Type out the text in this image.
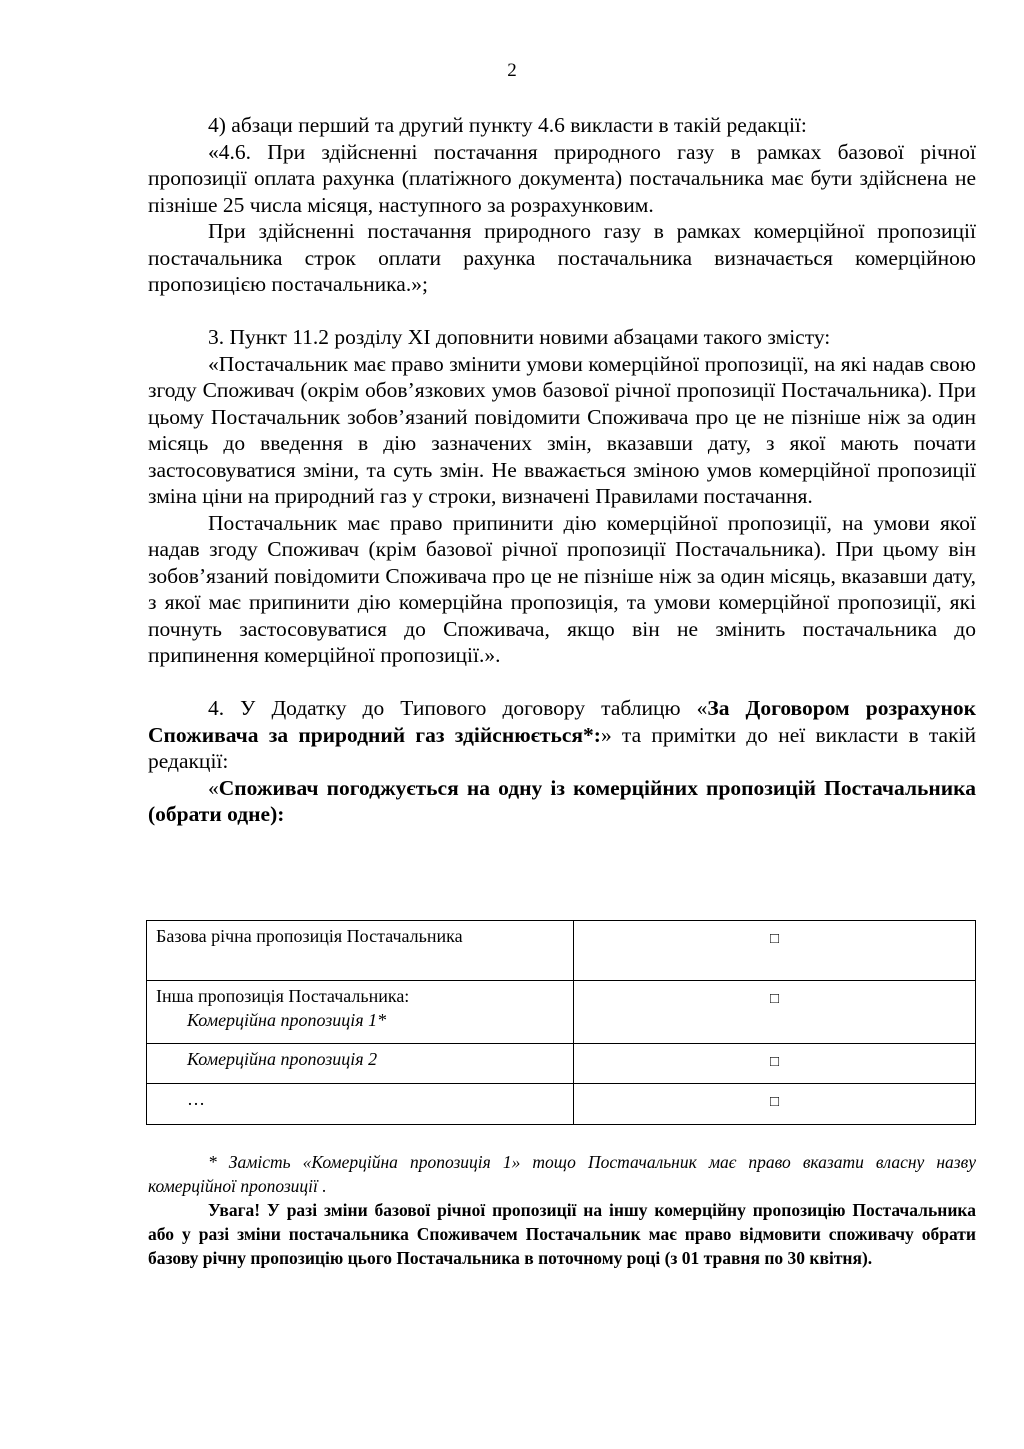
2

4) абзаци перший та другий пункту 4.6 викласти в такій редакції:

«4.6. При здійсненні постачання природного газу в рамках базової річної пропозиції оплата рахунка (платіжного документа) постачальника має бути здійснена не пізніше 25 числа місяця, наступного за розрахунковим.

При здійсненні постачання природного газу в рамках комерційної пропозиції постачальника строк оплати рахунка постачальника визначається комерційною пропозицією постачальника.»;

3. Пункт 11.2 розділу XI доповнити новими абзацами такого змісту:

«Постачальник має право змінити умови комерційної пропозиції, на які надав свою згоду Споживач (окрім обов’язкових умов базової річної пропозиції Постачальника). При цьому Постачальник зобов’язаний повідомити Споживача про це не пізніше ніж за один місяць до введення в дію зазначених змін, вказавши дату, з якої мають почати застосовуватися зміни, та суть змін. Не вважається зміною умов комерційної пропозиції зміна ціни на природний газ у строки, визначені Правилами постачання.

Постачальник має право припинити дію комерційної пропозиції, на умови якої надав згоду Споживач (крім базової річної пропозиції Постачальника). При цьому він зобов’язаний повідомити Споживача про це не пізніше ніж за один місяць, вказавши дату, з якої має припинити дію комерційна пропозиція, та умови комерційної пропозиції, які почнуть застосовуватися до Споживача, якщо він не змінить постачальника до припинення комерційної пропозиції.».

4. У Додатку до Типового договору таблицю «За Договором розрахунок Споживача за природний газ здійснюється*:» та примітки до неї викласти в такій редакції:

«Споживач погоджується на одну із комерційних пропозицій Постачальника (обрати одне):

Базова річна пропозиція Постачальника	□

Інша пропозиція Постачальника:
Комерційна пропозиція 1*	□

Комерційна пропозиція 2	□

…	□

* Замість «Комерційна пропозиція 1» тощо Постачальник має право вказати власну назву комерційної пропозиції .

Увага! У разі зміни базової річної пропозиції на іншу комерційну пропозицію Постачальника або у разі зміни постачальника Споживачем Постачальник має право відмовити споживачу обрати базову річну пропозицію цього Постачальника в поточному році (з 01 травня по 30 квітня).
